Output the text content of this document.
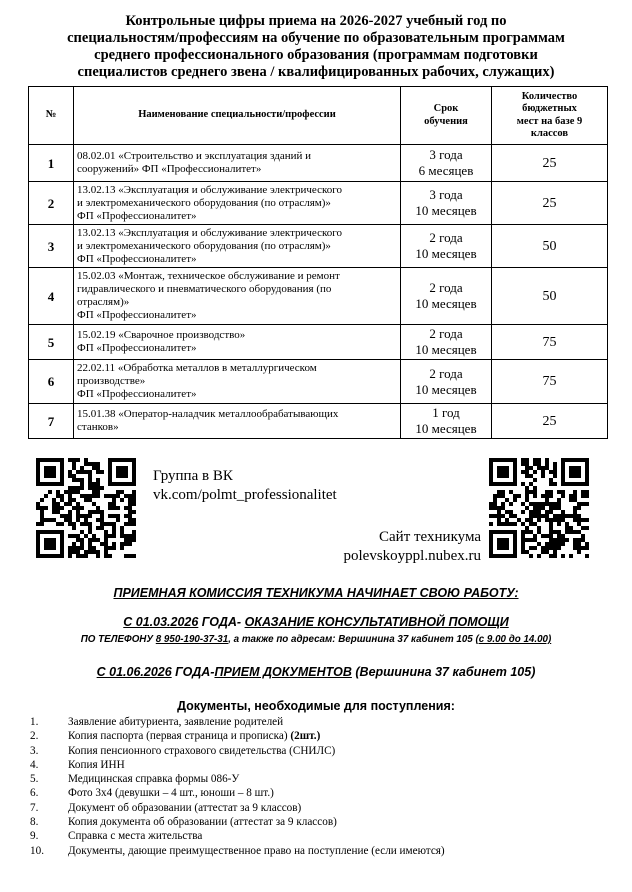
Контрольные цифры приема на 2026-2027 учебный год по
специальностям/профессиям на обучение по образовательным программам
среднего профессионального образования (программам подготовки
специалистов среднего звена / квалифицированных рабочих, служащих)
№	Наименование специальности/профессии	Срок
обучения	Количество
бюджетных
мест на базе 9
классов

1	08.02.01 «Строительство и эксплуатация зданий и
сооружений» ФП «Профессионалитет»	3 года
6 месяцев	25
2	13.02.13 «Эксплуатация и обслуживание электрического
и электромеханического оборудования (по отраслям)»
ФП «Профессионалитет»	3 года
10 месяцев	25
3	13.02.13 «Эксплуатация и обслуживание электрического
и электромеханического оборудования (по отраслям)»
ФП «Профессионалитет»	2 года
10 месяцев	50
4	15.02.03 «Монтаж, техническое обслуживание и ремонт
гидравлического и пневматического оборудования (по
отраслям)»
ФП «Профессионалитет»	2 года
10 месяцев	50
5	15.02.19 «Сварочное производство»
ФП «Профессионалитет»	2 года
10 месяцев	75
6	22.02.11 «Обработка металлов в металлургическом
производстве»
ФП «Профессионалитет»	2 года
10 месяцев	75
7	15.01.38 «Оператор-наладчик металлообрабатывающих
станков»	1 год
10 месяцев	25
Группа в ВК
vk.com/polmt_professionalitet
Сайт техникума
polevskoyppl.nubex.ru
ПРИЕМНАЯ КОМИССИЯ ТЕХНИКУМА НАЧИНАЕТ СВОЮ РАБОТУ:
С 01.03.2026 ГОДА- ОКАЗАНИЕ КОНСУЛЬТАТИВНОЙ ПОМОЩИ
ПО ТЕЛЕФОНУ 8 950-190-37-31, а также по адресам: Вершинина 37 кабинет 105 (с 9.00 до 14.00)
С 01.06.2026 ГОДА-ПРИЕМ ДОКУМЕНТОВ (Вершинина 37 кабинет 105)
Документы, необходимые для поступления:
1.	Заявление абитуриента, заявление родителей
2.	Копия паспорта (первая страница и прописка) (2шт.)
3.	Копия пенсионного страхового свидетельства (СНИЛС)
4.	Копия ИНН
5.	Медицинская справка формы 086-У
6.	Фото 3х4 (девушки – 4 шт., юноши – 8 шт.)
7.	Документ об образовании (аттестат за 9 классов)
8.	Копия документа об образовании (аттестат за 9 классов)
9.	Справка с места жительства
10. Документы, дающие преимущественное право на поступление (если имеются)
